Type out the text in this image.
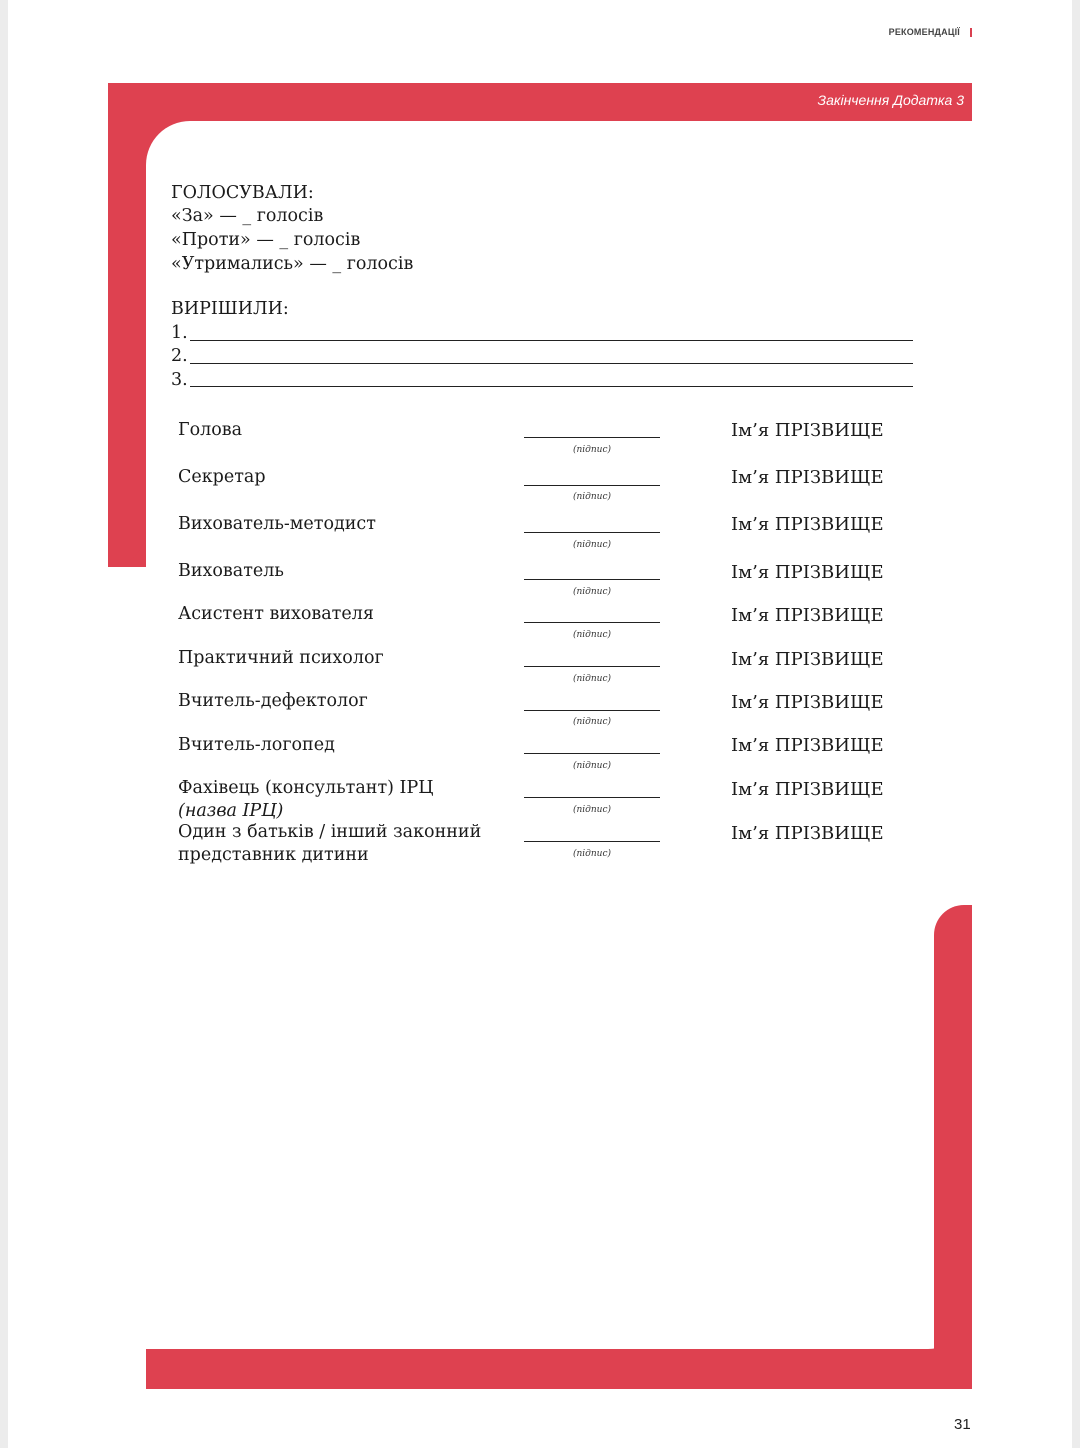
РЕКОМЕНДАЦІЇ
Закінчення Додатка 3
ГОЛОСУВАЛИ:
«За» — _ голосів
«Проти» — _ голосів
«Утримались» — _ голосів
ВИРІШИЛИ:
1.
2.
3.
Голова
(підпис)
Ім’я ПРІЗВИЩЕ
Секретар
(підпис)
Ім’я ПРІЗВИЩЕ
Вихователь-методист
(підпис)
Ім’я ПРІЗВИЩЕ
Вихователь
(підпис)
Ім’я ПРІЗВИЩЕ
Асистент вихователя
(підпис)
Ім’я ПРІЗВИЩЕ
Практичний психолог
(підпис)
Ім’я ПРІЗВИЩЕ
Вчитель-дефектолог
(підпис)
Ім’я ПРІЗВИЩЕ
Вчитель-логопед
(підпис)
Ім’я ПРІЗВИЩЕ
Фахівець (консультант) ІРЦ
(назва ІРЦ)	(підпис)
Ім’я ПРІЗВИЩЕ
Один з батьків / інший законний
представник дитини	(підпис)
Ім’я ПРІЗВИЩЕ
31
